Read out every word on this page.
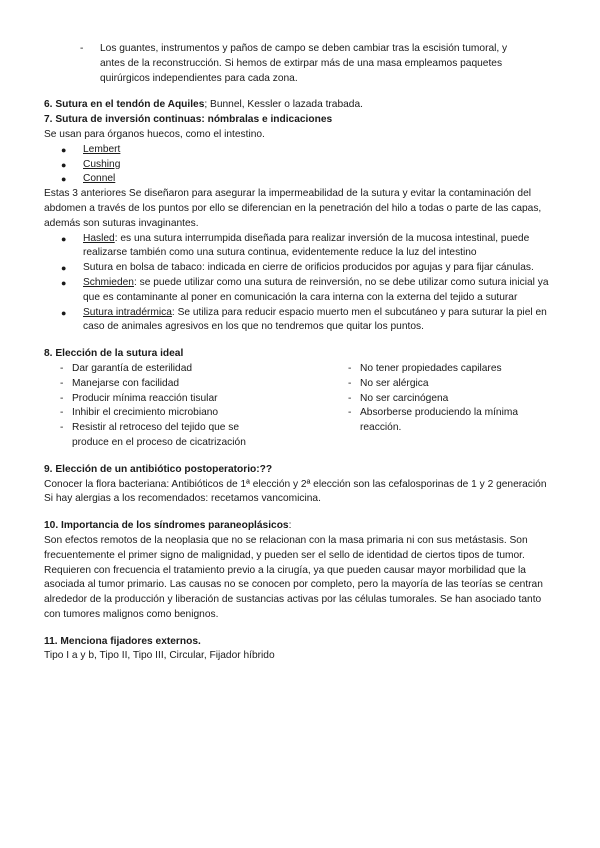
-	Los guantes, instrumentos y paños de campo se deben cambiar tras la escisión tumoral, y antes de la reconstrucción. Si hemos de extirpar más de una masa empleamos paquetes quirúrgicos independientes para cada zona.

6. Sutura en el tendón de Aquiles; Bunnel, Kessler o lazada trabada.

7. Sutura de inversión continuas: nómbralas e indicaciones

Se usan para órganos huecos, como el intestino.

●	Lembert
●	Cushing
●	Connel

Estas 3 anteriores Se diseñaron para asegurar la impermeabilidad de la sutura y evitar la contaminación del abdomen a través de los puntos por ello se diferencian en la penetración del hilo a todas o parte de las capas, además son suturas invaginantes.

●	Hasled: es una sutura interrumpida diseñada para realizar inversión de la mucosa intestinal, puede realizarse también como una sutura continua, evidentemente reduce la luz del intestino
●	Sutura en bolsa de tabaco: indicada en cierre de orificios producidos por agujas y para fijar cánulas.
●	Schmieden: se puede utilizar como una sutura de reinversión, no se debe utilizar como sutura inicial ya que es contaminante al poner en comunicación la cara interna con la externa del tejido a suturar
●	Sutura intradérmica: Se utiliza para reducir espacio muerto men el subcutáneo y para suturar la piel en caso de animales agresivos en los que no tendremos que quitar los puntos.
8. Elección de la sutura ideal
- Dar garantía de esterilidad
- Manejarse con facilidad
- Producir mínima reacción tisular
- Inhibir el crecimiento microbiano
- Resistir al retroceso del tejido que se produce en el proceso de cicatrización
- No tener propiedades capilares
- No ser alérgica
- No ser carcinógena
- Absorberse produciendo la mínima reacción.
9. Elección de un antibiótico postoperatorio:??

Conocer la flora bacteriana: Antibióticos de 1ª elección y 2ª elección son las cefalosporinas de 1 y 2 generación

Si hay alergias a los recomendados: recetamos vancomicina.

10. Importancia de los síndromes paraneoplásicos:

Son efectos remotos de la neoplasia que no se relacionan con la masa primaria ni con sus metástasis. Son frecuentemente el primer signo de malignidad, y pueden ser el sello de identidad de ciertos tipos de tumor. Requieren con frecuencia el tratamiento previo a la cirugía, ya que pueden causar mayor morbilidad que la asociada al tumor primario. Las causas no se conocen por completo, pero la mayoría de las teorías se centran alrededor de la producción y liberación de sustancias activas por las células tumorales. Se han asociado tanto con tumores malignos como benignos.

11. Menciona fijadores externos.

Tipo I a y b, Tipo II, Tipo III, Circular, Fijador híbrido
